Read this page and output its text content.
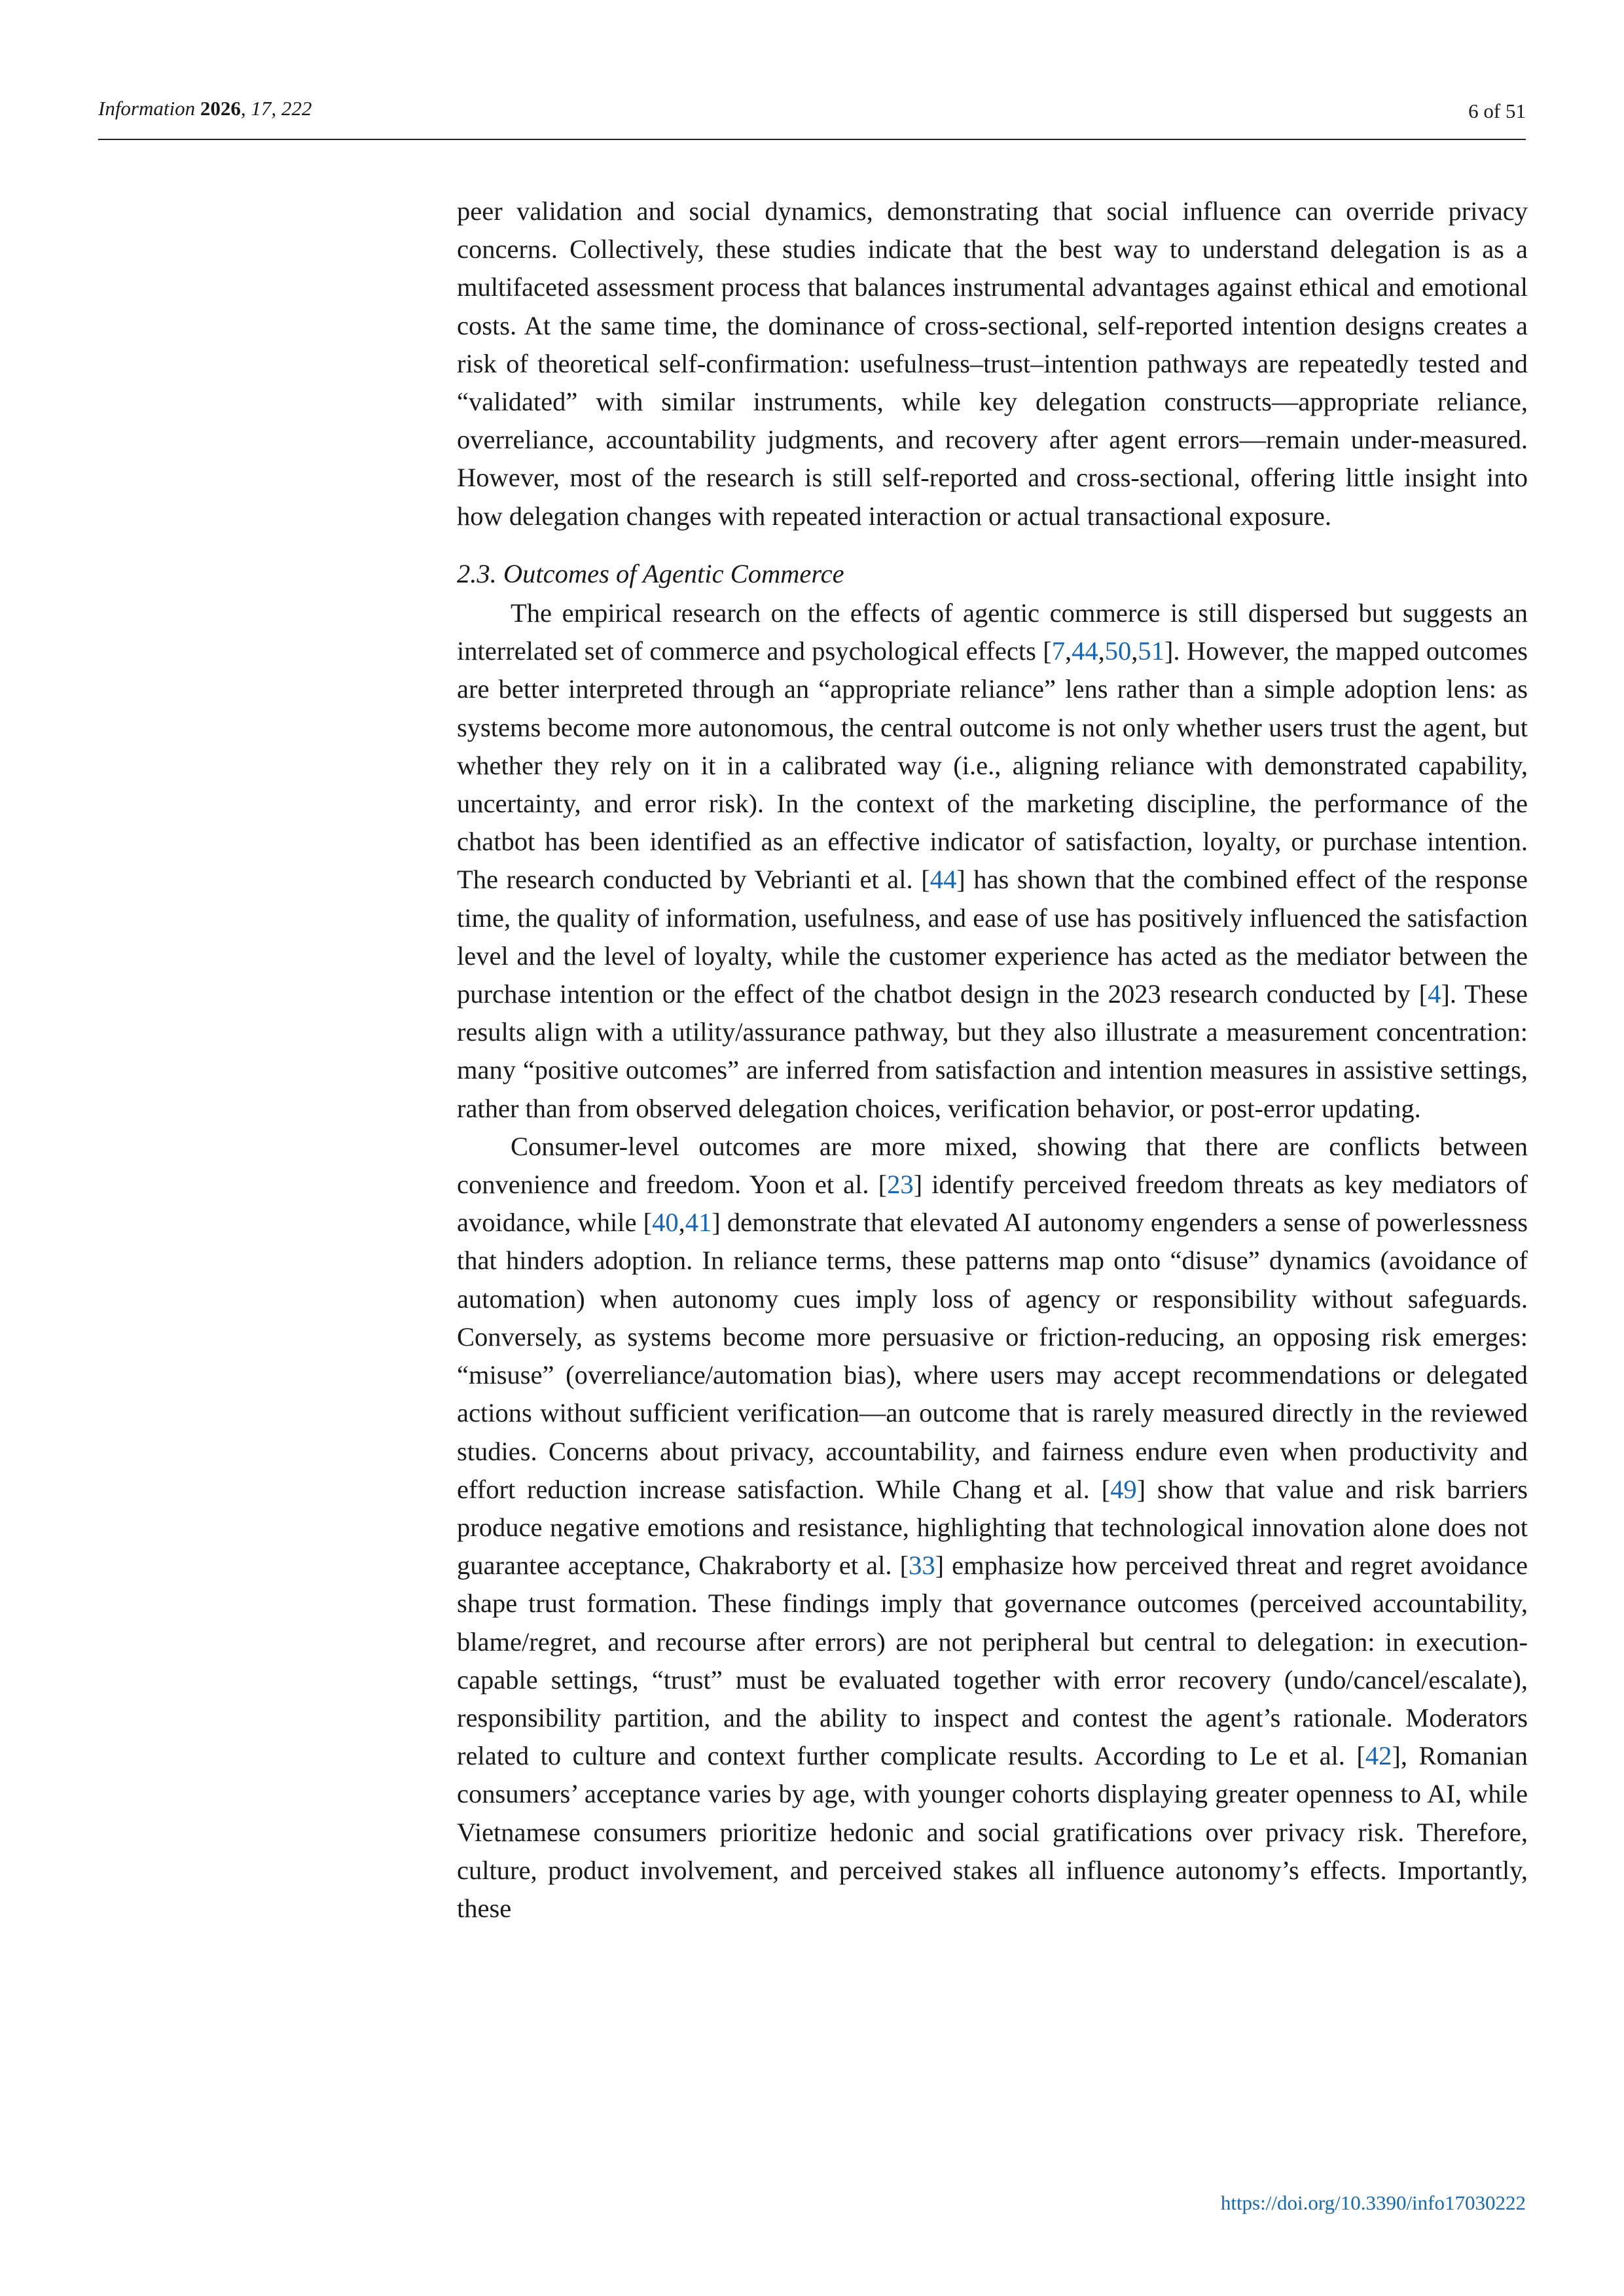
Information 2026, 17, 222	6 of 51

peer validation and social dynamics, demonstrating that social influence can override privacy concerns. Collectively, these studies indicate that the best way to understand delegation is as a multifaceted assessment process that balances instrumental advantages against ethical and emotional costs. At the same time, the dominance of cross-sectional, self-reported intention designs creates a risk of theoretical self-confirmation: usefulness–trust–intention pathways are repeatedly tested and “validated” with similar instruments, while key delegation constructs—appropriate reliance, overreliance, accountability judgments, and recovery after agent errors—remain under-measured. However, most of the research is still self-reported and cross-sectional, offering little insight into how delegation changes with repeated interaction or actual transactional exposure.

2.3. Outcomes of Agentic Commerce

The empirical research on the effects of agentic commerce is still dispersed but suggests an interrelated set of commerce and psychological effects [7,44,50,51]. However, the mapped outcomes are better interpreted through an “appropriate reliance” lens rather than a simple adoption lens: as systems become more autonomous, the central outcome is not only whether users trust the agent, but whether they rely on it in a calibrated way (i.e., aligning reliance with demonstrated capability, uncertainty, and error risk). In the context of the marketing discipline, the performance of the chatbot has been identified as an effective indicator of satisfaction, loyalty, or purchase intention. The research conducted by Vebrianti et al. [44] has shown that the combined effect of the response time, the quality of information, usefulness, and ease of use has positively influenced the satisfaction level and the level of loyalty, while the customer experience has acted as the mediator between the purchase intention or the effect of the chatbot design in the 2023 research conducted by [4]. These results align with a utility/assurance pathway, but they also illustrate a measurement concentration: many “positive outcomes” are inferred from satisfaction and intention measures in assistive settings, rather than from observed delegation choices, verification behavior, or post-error updating.

Consumer-level outcomes are more mixed, showing that there are conflicts between convenience and freedom. Yoon et al. [23] identify perceived freedom threats as key mediators of avoidance, while [40,41] demonstrate that elevated AI autonomy engenders a sense of powerlessness that hinders adoption. In reliance terms, these patterns map onto “disuse” dynamics (avoidance of automation) when autonomy cues imply loss of agency or responsibility without safeguards. Conversely, as systems become more persuasive or friction-reducing, an opposing risk emerges: “misuse” (overreliance/automation bias), where users may accept recommendations or delegated actions without sufficient verification—an outcome that is rarely measured directly in the reviewed studies. Concerns about privacy, accountability, and fairness endure even when productivity and effort reduction increase satisfaction. While Chang et al. [49] show that value and risk barriers produce negative emotions and resistance, highlighting that technological innovation alone does not guarantee acceptance, Chakraborty et al. [33] emphasize how perceived threat and regret avoidance shape trust formation. These findings imply that governance outcomes (perceived accountability, blame/regret, and recourse after errors) are not peripheral but central to delegation: in execution-capable settings, “trust” must be evaluated together with error recovery (undo/cancel/escalate), responsibility partition, and the ability to inspect and contest the agent’s rationale. Moderators related to culture and context further complicate results. According to Le et al. [42], Romanian consumers’ acceptance varies by age, with younger cohorts displaying greater openness to AI, while Vietnamese consumers prioritize hedonic and social gratifications over privacy risk. Therefore, culture, product involvement, and perceived stakes all influence autonomy’s effects. Importantly, these

https://doi.org/10.3390/info17030222
